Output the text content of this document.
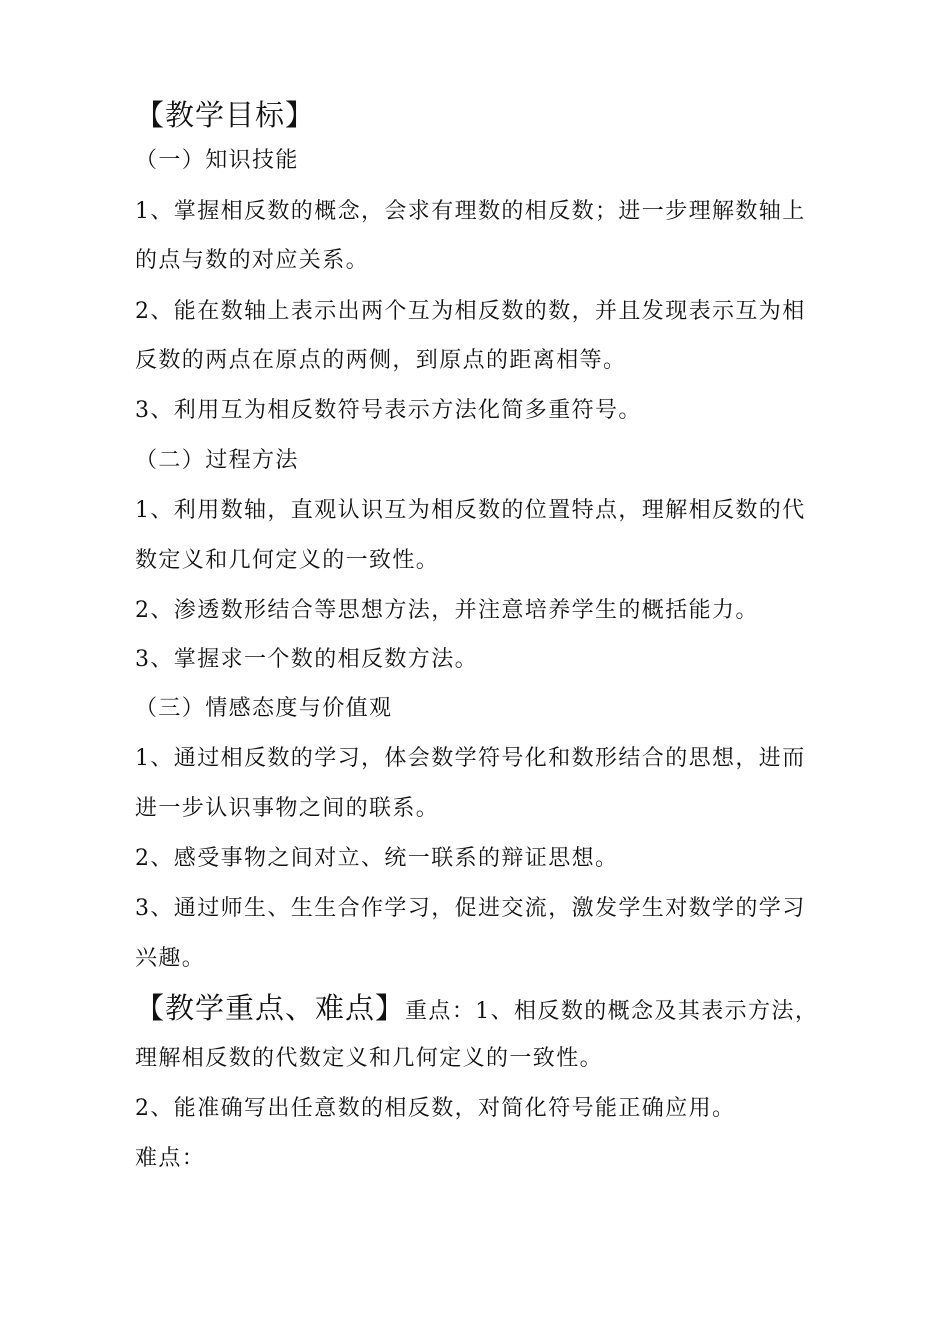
【教学目标】
（一）知识技能
1、掌握相反数的概念，会求有理数的相反数；进一步理解数轴上
的点与数的对应关系。
2、能在数轴上表示出两个互为相反数的数，并且发现表示互为相
反数的两点在原点的两侧，到原点的距离相等。
3、利用互为相反数符号表示方法化简多重符号。
（二）过程方法
1、利用数轴，直观认识互为相反数的位置特点，理解相反数的代
数定义和几何定义的一致性。
2、渗透数形结合等思想方法，并注意培养学生的概括能力。
3、掌握求一个数的相反数方法。
（三）情感态度与价值观
1、通过相反数的学习，体会数学符号化和数形结合的思想，进而
进一步认识事物之间的联系。
2、感受事物之间对立、统一联系的辩证思想。
3、通过师生、生生合作学习，促进交流，激发学生对数学的学习
兴趣。
【教学重点、难点】重点：1、相反数的概念及其表示方法，
理解相反数的代数定义和几何定义的一致性。
2、能准确写出任意数的相反数，对简化符号能正确应用。
难点：
